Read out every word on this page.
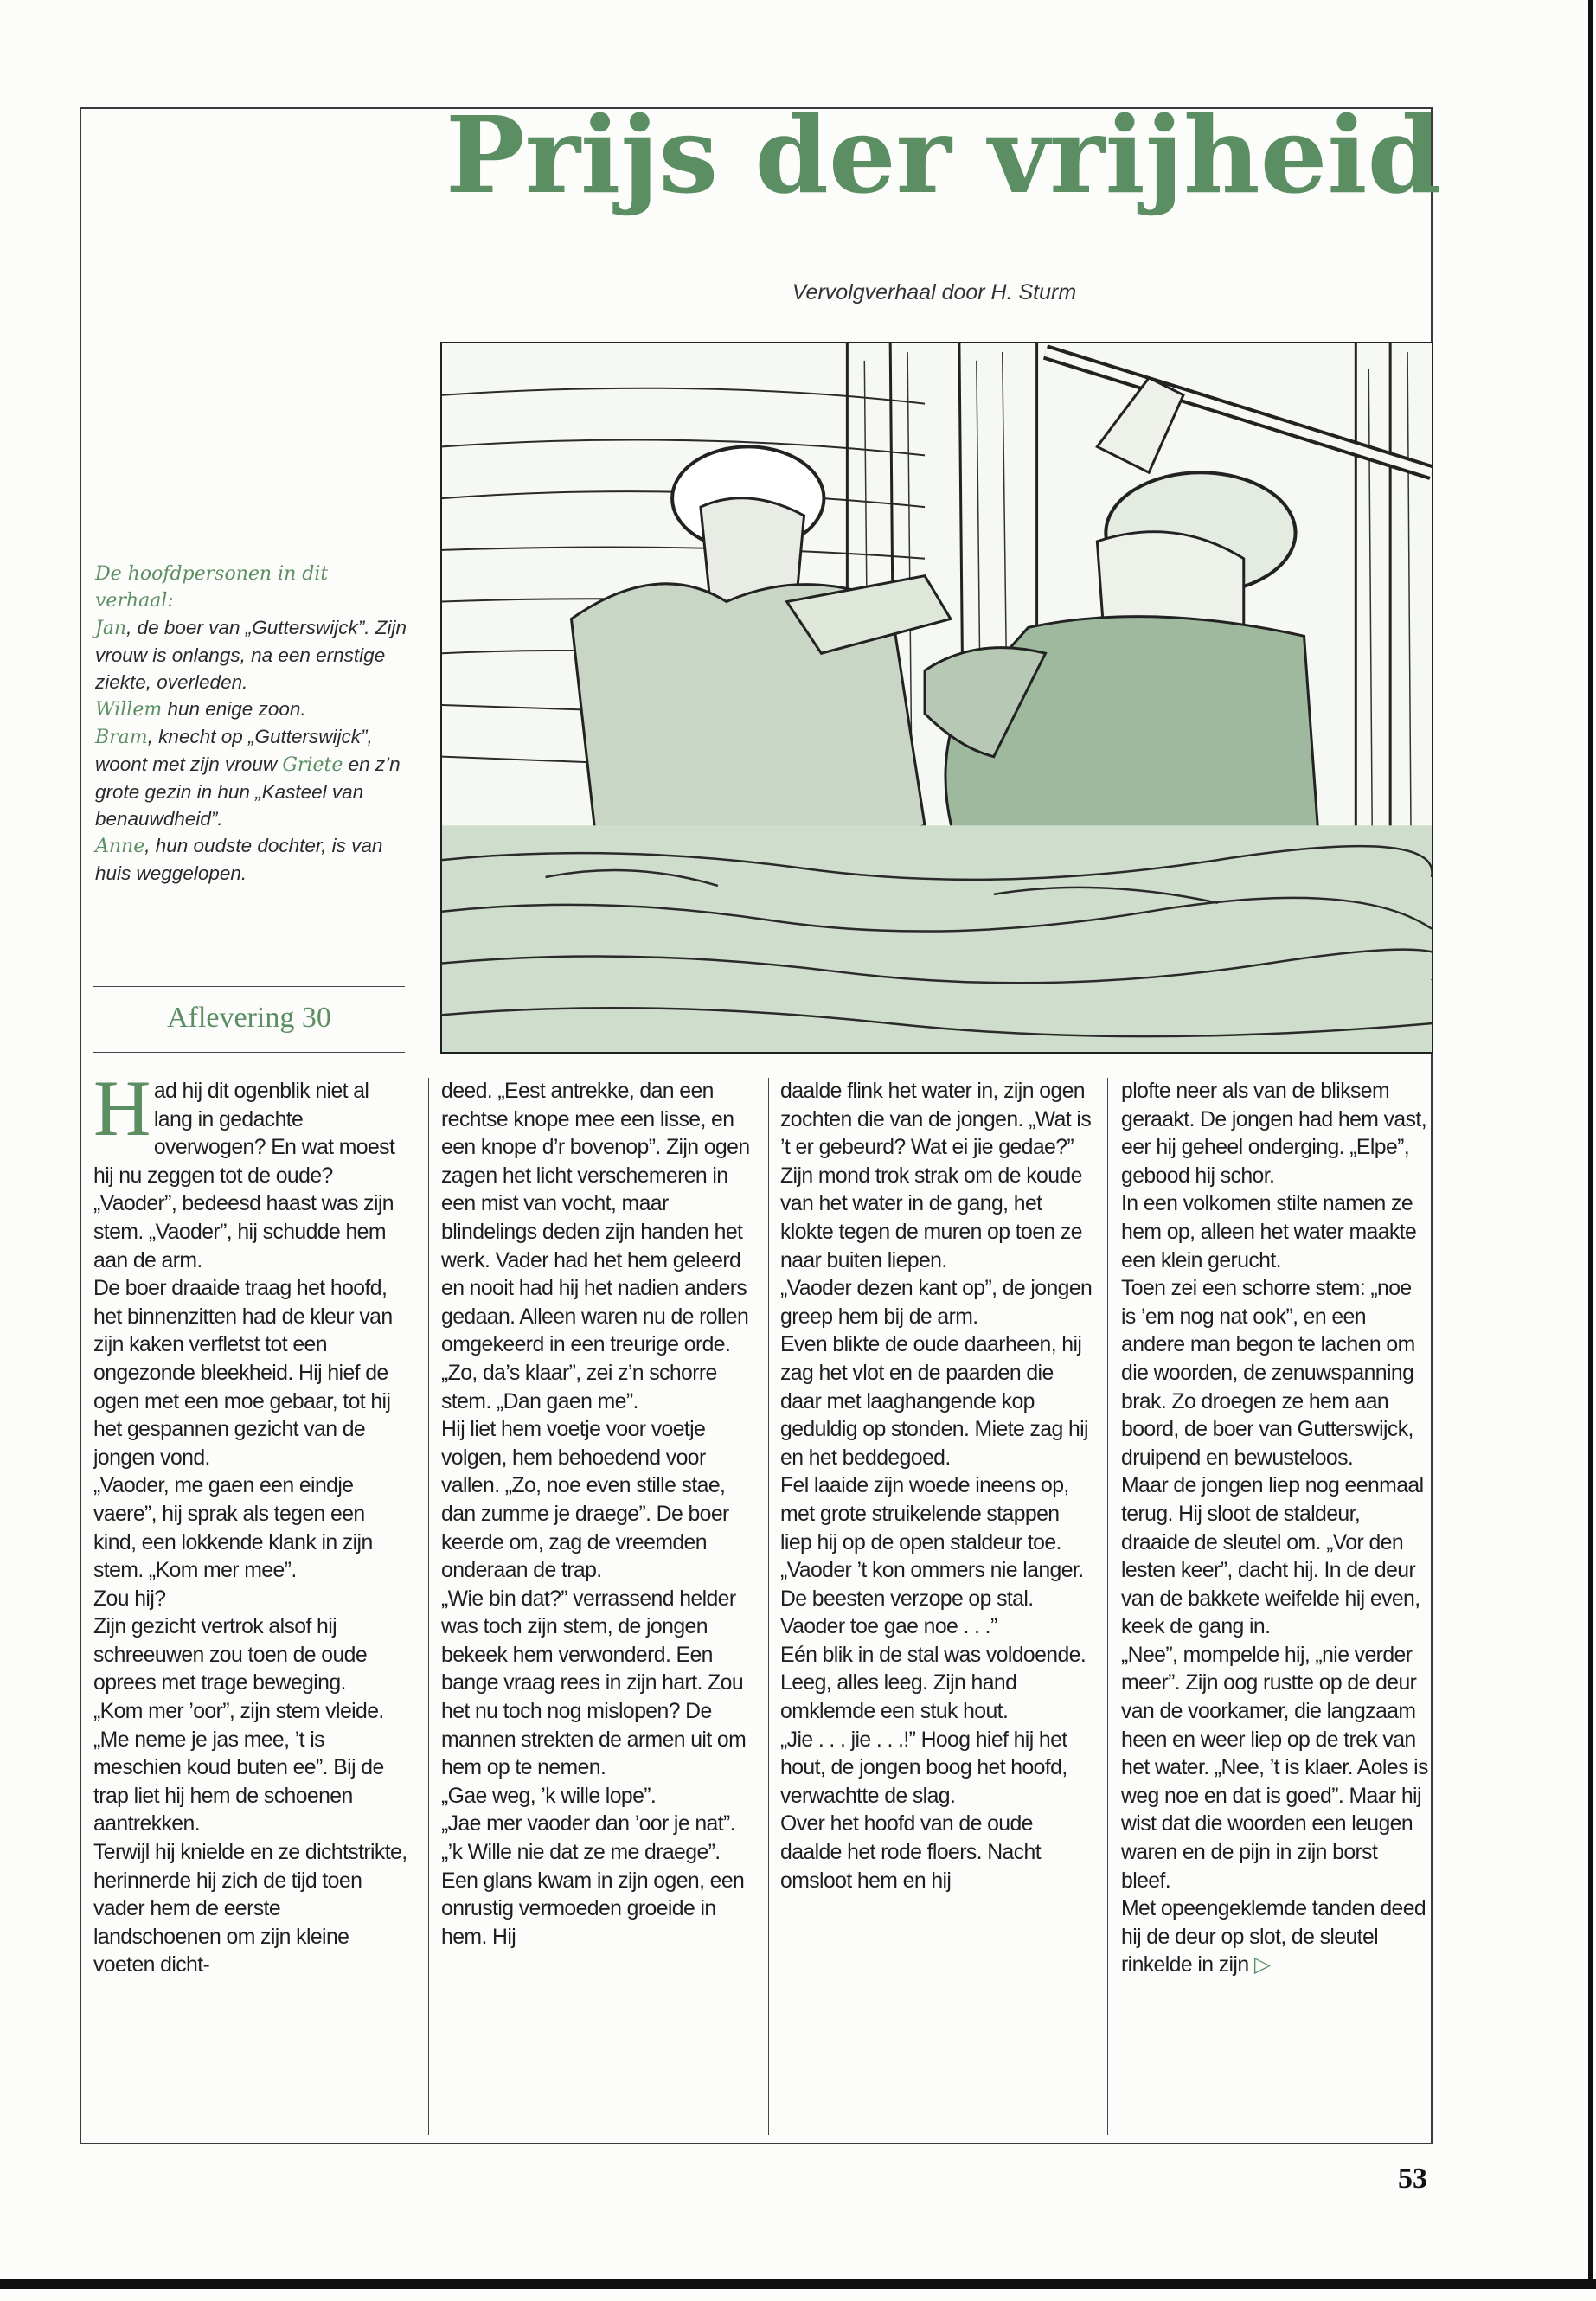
Prijs der vrijheid
Vervolgverhaal door H. Sturm
De hoofdpersonen in dit verhaal:
Jan, de boer van „Gutterswijck”. Zijn vrouw is onlangs, na een ernstige ziekte, overleden.
Willem hun enige zoon.
Bram, knecht op „Gutterswijck”, woont met zijn vrouw Griete en z’n grote gezin in hun „Kasteel van benauwdheid”.
Anne, hun oudste dochter, is van huis weggelopen.
Aflevering 30
H ad hij dit ogenblik niet al lang in gedachte overwogen? En wat moest hij nu zeggen tot de oude?

„Vaoder”, bedeesd haast was zijn stem. „Vaoder”, hij schudde hem aan de arm.

De boer draaide traag het hoofd, het binnenzitten had de kleur van zijn kaken verfletst tot een ongezonde bleekheid. Hij hief de ogen met een moe gebaar, tot hij het gespannen gezicht van de jongen vond.

„Vaoder, me gaen een eindje vaere”, hij sprak als tegen een kind, een lokkende klank in zijn stem. „Kom mer mee”.

Zou hij?

Zijn gezicht vertrok alsof hij schreeuwen zou toen de oude oprees met trage beweging.

„Kom mer ’oor”, zijn stem vleide. „Me neme je jas mee, ’t is meschien koud buten ee”. Bij de trap liet hij hem de schoenen aantrekken.

Terwijl hij knielde en ze dichtstrikte, herinnerde hij zich de tijd toen vader hem de eerste landschoenen om zijn kleine voeten dicht-

deed. „Eest antrekke, dan een rechtse knope mee een lisse, en een knope d’r bovenop”. Zijn ogen zagen het licht verschemeren in een mist van vocht, maar blindelings deden zijn handen het werk. Vader had het hem geleerd en nooit had hij het nadien anders gedaan. Alleen waren nu de rollen omgekeerd in een treurige orde. „Zo, da’s klaar”, zei z’n schorre stem. „Dan gaen me”.

Hij liet hem voetje voor voetje volgen, hem behoedend voor vallen. „Zo, noe even stille stae, dan zumme je draege”. De boer keerde om, zag de vreemden onderaan de trap.

„Wie bin dat?” verrassend helder was toch zijn stem, de jongen bekeek hem verwonderd. Een bange vraag rees in zijn hart. Zou het nu toch nog mislopen? De mannen strekten de armen uit om hem op te nemen.

„Gae weg, ’k wille lope”.

„Jae mer vaoder dan ’oor je nat”.

„’k Wille nie dat ze me draege”. Een glans kwam in zijn ogen, een onrustig vermoeden groeide in hem. Hij

daalde flink het water in, zijn ogen zochten die van de jongen. „Wat is ’t er gebeurd? Wat ei jie gedae?”

Zijn mond trok strak om de koude van het water in de gang, het klokte tegen de muren op toen ze naar buiten liepen.

„Vaoder dezen kant op”, de jongen greep hem bij de arm.

Even blikte de oude daarheen, hij zag het vlot en de paarden die daar met laaghangende kop geduldig op stonden. Miete zag hij en het beddegoed.

Fel laaide zijn woede ineens op, met grote struikelende stappen liep hij op de open staldeur toe.

„Vaoder ’t kon ommers nie langer. De beesten verzope op stal. Vaoder toe gae noe . . .”

Eén blik in de stal was voldoende. Leeg, alles leeg. Zijn hand omklemde een stuk hout.

„Jie . . . jie . . .!” Hoog hief hij het hout, de jongen boog het hoofd, verwachtte de slag.

Over het hoofd van de oude daalde het rode floers. Nacht omsloot hem en hij

plofte neer als van de bliksem geraakt. De jongen had hem vast, eer hij geheel onderging. „Elpe”, gebood hij schor.

In een volkomen stilte namen ze hem op, alleen het water maakte een klein gerucht.

Toen zei een schorre stem: „noe is ’em nog nat ook”, en een andere man begon te lachen om die woorden, de zenuwspanning brak. Zo droegen ze hem aan boord, de boer van Gutterswijck, druipend en bewusteloos.

Maar de jongen liep nog eenmaal terug. Hij sloot de staldeur, draaide de sleutel om. „Vor den lesten keer”, dacht hij. In de deur van de bakkete weifelde hij even, keek de gang in.

„Nee”, mompelde hij, „nie verder meer”. Zijn oog rustte op de deur van de voorkamer, die langzaam heen en weer liep op de trek van het water. „Nee, ’t is klaer. Aoles is weg noe en dat is goed”. Maar hij wist dat die woorden een leugen waren en de pijn in zijn borst bleef.

Met opeengeklemde tanden deed hij de deur op slot, de sleutel rinkelde in zijn ▷

53
